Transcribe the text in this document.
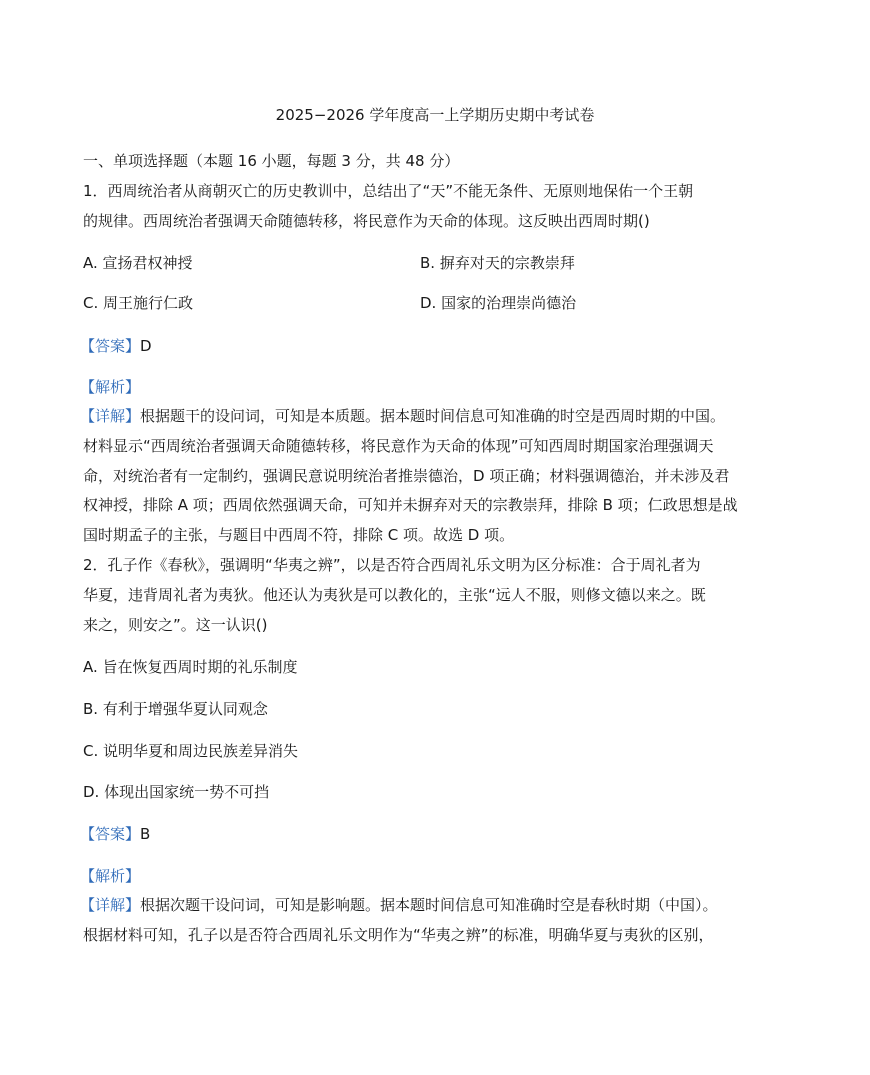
2025−2026 学年度高一上学期历史期中考试卷
一、单项选择题（本题 16 小题，每题 3 分，共 48 分）
1．西周统治者从商朝灭亡的历史教训中，总结出了“天”不能无条件、无原则地保佑一个王朝
的规律。西周统治者强调天命随德转移，将民意作为天命的体现。这反映出西周时期()
A. 宣扬君权神授	B. 摒弃对天的宗教崇拜
C. 周王施行仁政	D. 国家的治理崇尚德治
【答案】D
【解析】
【详解】根据题干的设问词，可知是本质题。据本题时间信息可知准确的时空是西周时期的中国。
材料显示“西周统治者强调天命随德转移，将民意作为天命的体现”可知西周时期国家治理强调天
命，对统治者有一定制约，强调民意说明统治者推崇德治，D 项正确；材料强调德治，并未涉及君
权神授，排除 A 项；西周依然强调天命，可知并未摒弃对天的宗教崇拜，排除 B 项；仁政思想是战
国时期孟子的主张，与题目中西周不符，排除 C 项。故选 D 项。
2．孔子作《春秋》，强调明“华夷之辨”，以是否符合西周礼乐文明为区分标准：合于周礼者为
华夏，违背周礼者为夷狄。他还认为夷狄是可以教化的，主张“远人不服，则修文德以来之。既
来之，则安之”。这一认识()
A. 旨在恢复西周时期的礼乐制度
B. 有利于增强华夏认同观念
C. 说明华夏和周边民族差异消失
D. 体现出国家统一势不可挡
【答案】B
【解析】
【详解】根据次题干设问词，可知是影响题。据本题时间信息可知准确时空是春秋时期（中国）。
根据材料可知，孔子以是否符合西周礼乐文明作为“华夷之辨”的标准，明确华夏与夷狄的区别，
